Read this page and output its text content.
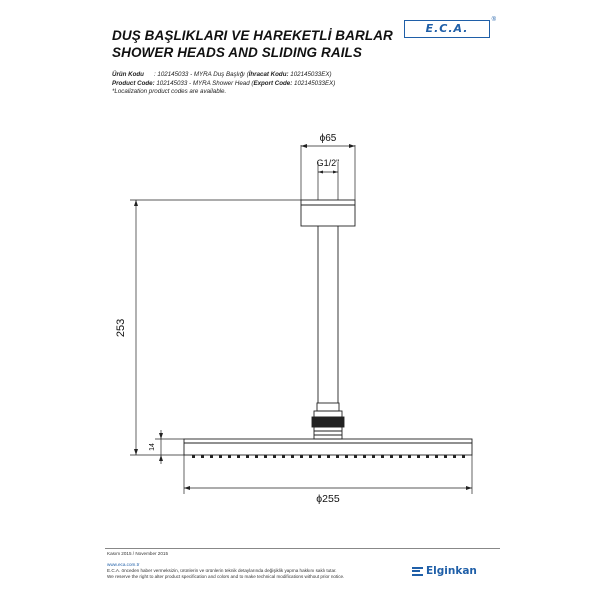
DUŞ BAŞLIKLARI VE HAREKETLİ BARLAR
SHOWER HEADS AND SLIDING RAILS
E.C.A.
®
Ürün Kodu : 102145033 - MYRA Duş Başlığı (İhracat Kodu: 102145033EX)
Product Code: 102145033 - MYRA Shower Head (Export Code: 102145033EX)
*Localization product codes are available.
ϕ65
G1/2"
253
14
ϕ255
Kasım 2015 / November 2015
www.eca.com.tr
E.C.A. önceden haber vermeksizin, ürünlerin ve ürünlerin teknik detaylarında değişiklik yapma hakkını saklı tutar.
We reserve the right to alter product specification and colors and to make technical modifications without prior notice.	Elginkan
